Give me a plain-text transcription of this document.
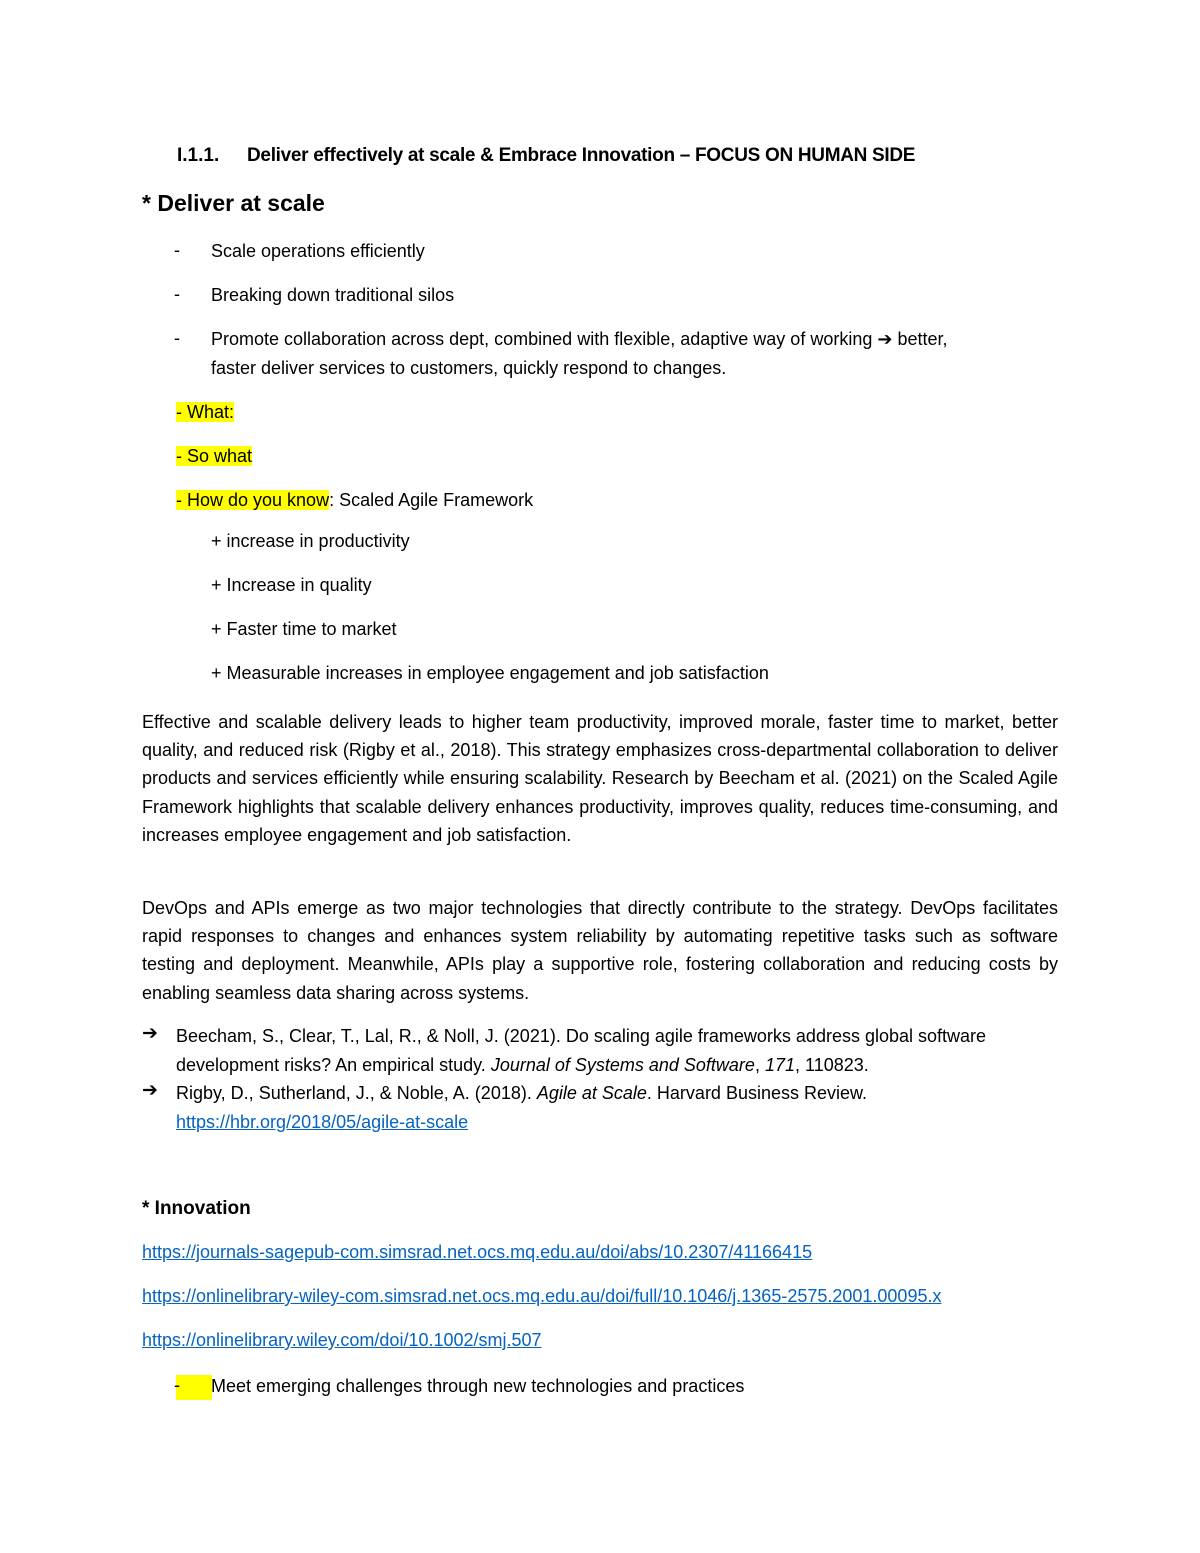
I.1.1. Deliver effectively at scale & Embrace Innovation – FOCUS ON HUMAN SIDE
* Deliver at scale
- Scale operations efficiently
- Breaking down traditional silos
- Promote collaboration across dept, combined with flexible, adaptive way of working ➔ better,
faster deliver services to customers, quickly respond to changes.
- What:
- So what
- How do you know: Scaled Agile Framework
+ increase in productivity
+ Increase in quality
+ Faster time to market
+ Measurable increases in employee engagement and job satisfaction
Effective and scalable delivery leads to higher team productivity, improved morale, faster time to market, better quality, and reduced risk (Rigby et al., 2018). This strategy emphasizes cross-departmental collaboration to deliver products and services efficiently while ensuring scalability. Research by Beecham et al. (2021) on the Scaled Agile Framework highlights that scalable delivery enhances productivity, improves quality, reduces time-consuming, and increases employee engagement and job satisfaction.
DevOps and APIs emerge as two major technologies that directly contribute to the strategy. DevOps facilitates rapid responses to changes and enhances system reliability by automating repetitive tasks such as software testing and deployment. Meanwhile, APIs play a supportive role, fostering collaboration and reducing costs by enabling seamless data sharing across systems.
➔ Beecham, S., Clear, T., Lal, R., & Noll, J. (2021). Do scaling agile frameworks address global software
development risks? An empirical study. Journal of Systems and Software, 171, 110823.
➔ Rigby, D., Sutherland, J., & Noble, A. (2018). Agile at Scale. Harvard Business Review.
https://hbr.org/2018/05/agile-at-scale
* Innovation
https://journals-sagepub-com.simsrad.net.ocs.mq.edu.au/doi/abs/10.2307/41166415
https://onlinelibrary-wiley-com.simsrad.net.ocs.mq.edu.au/doi/full/10.1046/j.1365-2575.2001.00095.x
https://onlinelibrary.wiley.com/doi/10.1002/smj.507
- Meet emerging challenges through new technologies and practices
